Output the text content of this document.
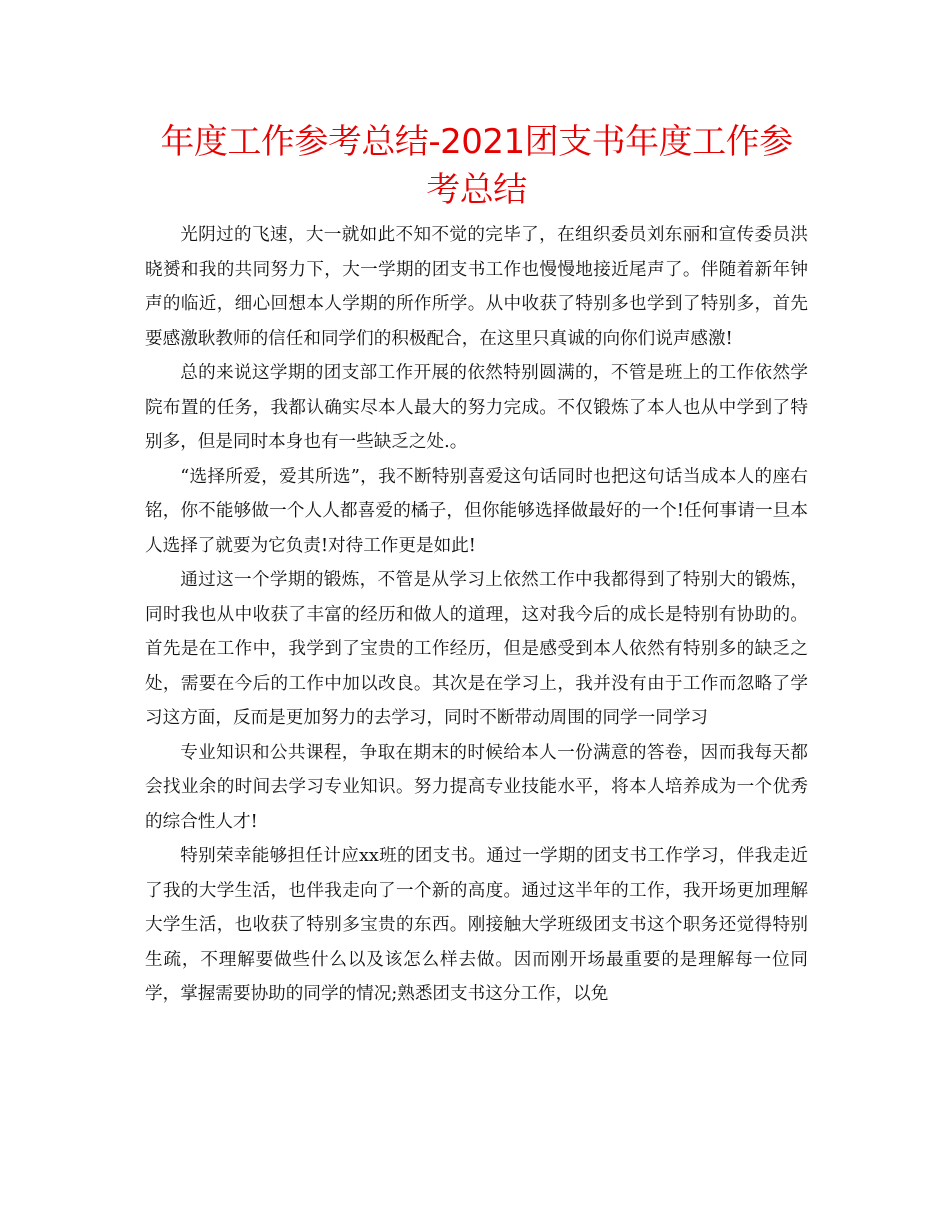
年度工作参考总结-2021团支书年度工作参考总结

光阴过的飞速，大一就如此不知不觉的完毕了，在组织委员刘东丽和宣传委员洪晓赟和我的共同努力下，大一学期的团支书工作也慢慢地接近尾声了。伴随着新年钟声的临近，细心回想本人学期的所作所学。从中收获了特别多也学到了特别多，首先要感激耿教师的信任和同学们的积极配合，在这里只真诚的向你们说声感激!

总的来说这学期的团支部工作开展的依然特别圆满的，不管是班上的工作依然学院布置的任务，我都认确实尽本人最大的努力完成。不仅锻炼了本人也从中学到了特别多，但是同时本身也有一些缺乏之处.。

“选择所爱，爱其所选”，我不断特别喜爱这句话同时也把这句话当成本人的座右铭，你不能够做一个人人都喜爱的橘子，但你能够选择做最好的一个!任何事请一旦本人选择了就要为它负责!对待工作更是如此!

通过这一个学期的锻炼，不管是从学习上依然工作中我都得到了特别大的锻炼，同时我也从中收获了丰富的经历和做人的道理，这对我今后的成长是特别有协助的。首先是在工作中，我学到了宝贵的工作经历，但是感受到本人依然有特别多的缺乏之处，需要在今后的工作中加以改良。其次是在学习上，我并没有由于工作而忽略了学习这方面，反而是更加努力的去学习，同时不断带动周围的同学一同学习

专业知识和公共课程，争取在期末的时候给本人一份满意的答卷，因而我每天都会找业余的时间去学习专业知识。努力提高专业技能水平，将本人培养成为一个优秀的综合性人才!

特别荣幸能够担任计应xx班的团支书。通过一学期的团支书工作学习，伴我走近了我的大学生活，也伴我走向了一个新的高度。通过这半年的工作，我开场更加理解大学生活，也收获了特别多宝贵的东西。刚接触大学班级团支书这个职务还觉得特别生疏，不理解要做些什么以及该怎么样去做。因而刚开场最重要的是理解每一位同学，掌握需要协助的同学的情况;熟悉团支书这分工作，以免
